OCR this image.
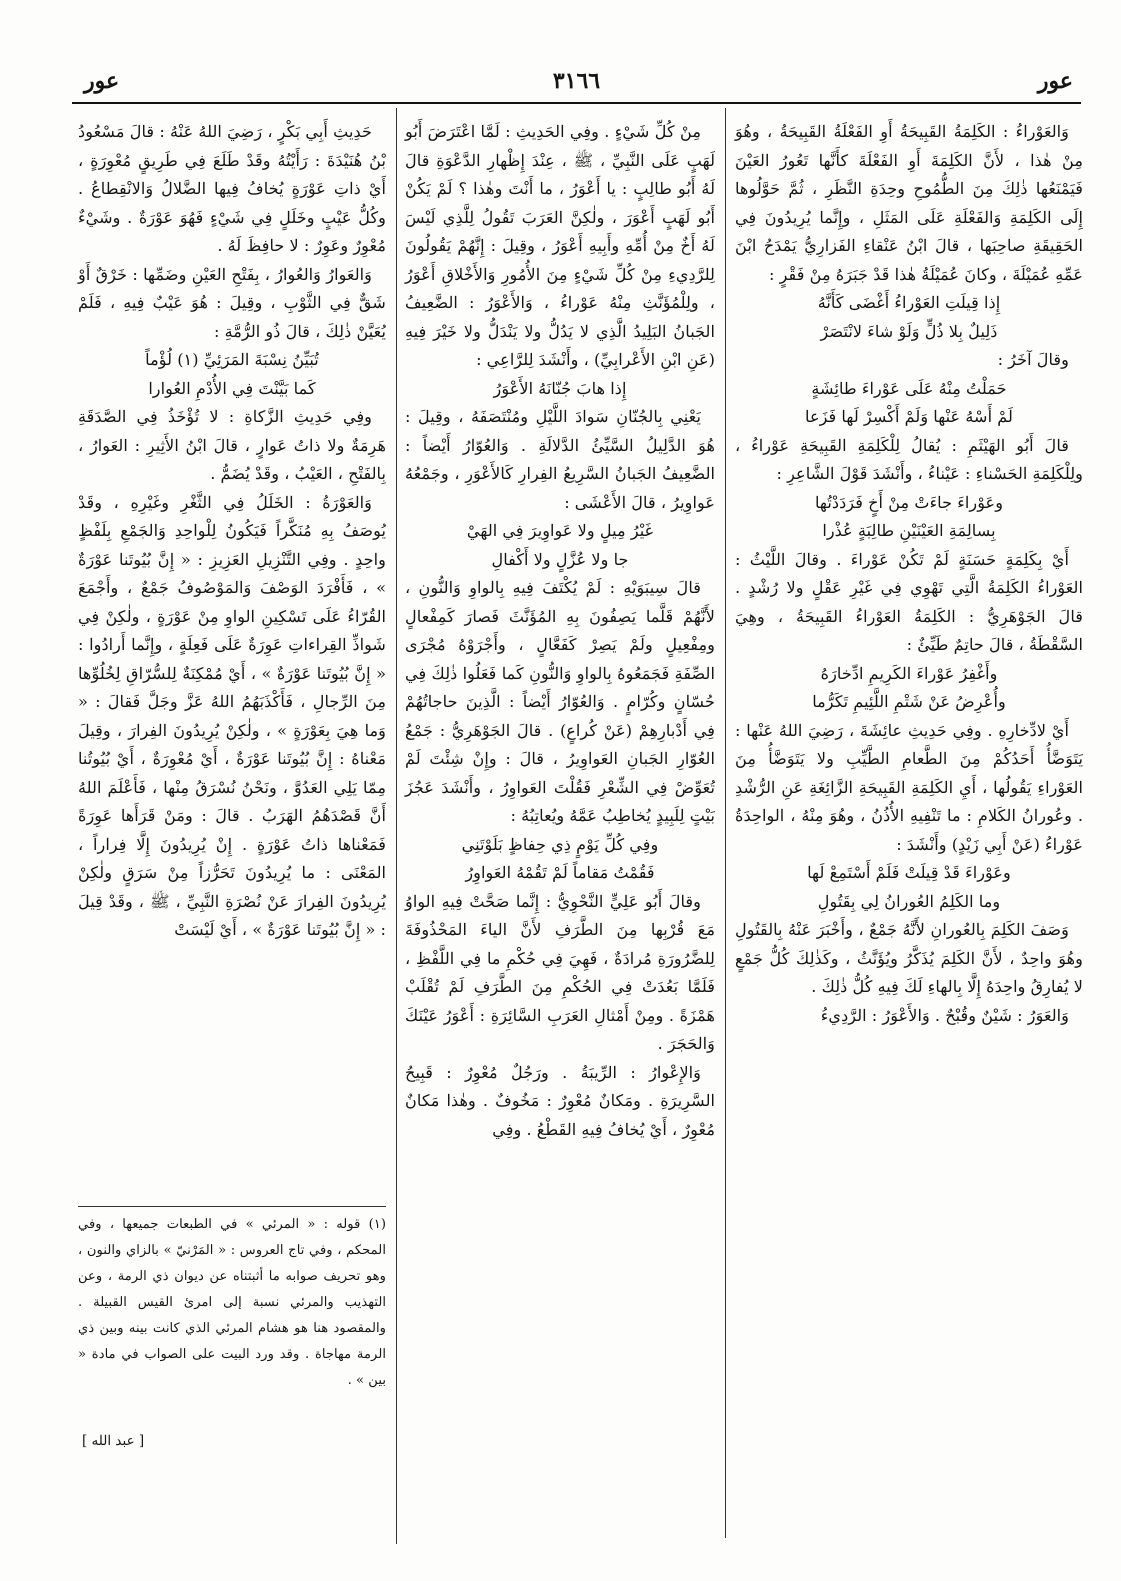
عور	٣١٦٦	عور

وَالعَوْراءُ : الكَلِمَةُ القَبِيحَةُ أَوِ الفَعْلَةُ القَبِيحَةُ ، وهُوَ مِنْ هٰذا ، لأَنَّ الكَلِمَةَ أَوِ الفَعْلَةَ كأَنَّها تَعُورُ العَيْنَ فَيَمْنَعُها ذٰلِكَ مِنَ الطُّمُوحِ وحِدَةِ النَّظَرِ ، ثُمَّ حَوَّلُوها إِلَى الكَلِمَةِ وَالفَعْلَةِ عَلَى المَثَلِ ، وإِنَّما يُرِيدُونَ فِي الحَقِيقَةِ صاحِبَها ، قالَ ابْنُ عَنْقاءِ الفَزارِيُّ يَمْدَحُ ابْنَ عَمِّهِ عُمَيْلَةَ ، وكانَ عُمَيْلَةُ هٰذا قَدْ جَبَرَهُ مِنْ فَقْرٍ :

إِذا قِيلَتِ العَوْراءُ أَغْضَى كَأَنَّهُ

ذَلِيلٌ بِلا ذُلٍّ وَلَوْ شاءَ لانْتَصَرْ

وقالَ آخَرُ :

حَمَلْتُ مِنْهُ عَلَى عَوْراءَ طائِشَةٍ

لَمْ أَسْهُ عَنْها وَلَمْ أَكْسِرْ لَها فَزَعا

قالَ أَبُو الهَيْثَمِ : يُقالُ لِلْكَلِمَةِ القَبِيحَةِ عَوْراءُ ، ولِلْكَلِمَةِ الحَسْناءِ : عَيْناءُ ، وأَنْشَدَ قَوْلَ الشَّاعِرِ :

وعَوْراءَ جاءَتْ مِنْ أَخٍ فَرَدَدْتُها

بِسالِمَةِ العَيْنَيْنِ طالِبَةٍ عُذْرا

أَيْ بِكَلِمَةٍ حَسَنَةٍ لَمْ تَكُنْ عَوْراءَ . وقالَ اللَّيْثُ : العَوْراءُ الكَلِمَةُ الَّتِي تَهْوِي فِي غَيْرِ عَقْلٍ ولا رُشْدٍ . قالَ الجَوْهَرِيُّ : الكَلِمَةُ العَوْراءُ القَبِيحَةُ ، وهِيَ السَّقْطَةُ ، قالَ حاتِمٌ طَيِّئٌ :

وأَغْفِرُ عَوْراءَ الكَرِيمِ ادِّخارَهُ

وأُعْرِضُ عَنْ شَتْمِ اللَّئِيمِ تَكَرُّما

أَيْ لادِّخارِهِ . وفِي حَدِيثِ عائِشَةَ ، رَضِيَ اللهُ عَنْها : يَتَوَضَّأُ أَحَدُكُمْ مِنَ الطَّعامِ الطَّيِّبِ ولا يَتَوَضَّأُ مِنَ العَوْراءِ يَقُولُها ، أَيِ الكَلِمَةِ القَبِيحَةِ الزَّائِغَةِ عَنِ الرُّشْدِ . وعُورانُ الكَلامِ : ما تَنْفِيهِ الأُذُنُ ، وهُوَ مِنْهُ ، الواحِدَةُ عَوْراءُ (عَنْ أَبِي زَيْدٍ) وأَنْشَدَ :

وعَوْراءَ قَدْ قِيلَتْ فَلَمْ أَسْتَمِعْ لَها

وما الكَلِمُ العُورانُ لِي بِقَتُولِ

وَصَفَ الكَلِمَ بِالعُورانِ لأَنَّهُ جَمْعٌ ، وأَخْبَرَ عَنْهُ بِالقَتُولِ وهُوَ واحِدٌ ، لأَنَّ الكَلِمَ يُذَكَّرُ ويُؤَنَّثُ ، وكَذٰلِكَ كُلُّ جَمْعٍ لا يُفارِقُ واحِدَهُ إِلَّا بِالهاءِ لَكَ فِيهِ كُلُّ ذٰلِكَ .

وَالعَوَرُ : شَيْنٌ وقُبْحٌ . وَالأَعْوَرُ : الرَّدِيءُ

مِنْ كُلِّ شَيْءٍ . وفِي الحَدِيثِ : لَمَّا اعْتَرَضَ أَبُو لَهَبٍ عَلَى النَّبِيِّ ، ﷺ ، عِنْدَ إِظْهارِ الدَّعْوَةِ قالَ لَهُ أَبُو طالِبٍ : يا أَعْوَرُ ، ما أَنْتَ وهٰذا ؟ لَمْ يَكُنْ أَبُو لَهَبٍ أَعْوَرَ ، ولٰكِنَّ العَرَبَ تَقُولُ لِلَّذِي لَيْسَ لَهُ أَخٌ مِنْ أُمِّهِ وأَبِيهِ أَعْوَرُ ، وقِيلَ : إِنَّهُمْ يَقُولُونَ لِلرَّدِيءِ مِنْ كُلِّ شَيْءٍ مِنَ الأُمُورِ وَالأَخْلاقِ أَعْوَرُ ، ولِلْمُؤَنَّثِ مِنْهُ عَوْراءُ ، وَالأَعْوَرُ : الضَّعِيفُ الجَبانُ البَلِيدُ الَّذِي لا يَدُلُّ ولا يَنْدَلُّ ولا خَيْرَ فِيهِ (عَنِ ابْنِ الأَعْرابِيِّ) ، وأَنْشَدَ لِلرَّاعِي :

إِذا هابَ جُنّانَهُ الأَعْوَرُ

يَعْنِي بِالجُنّانِ سَوادَ اللَّيْلِ ومُنْتَصَفَهُ ، وقِيلَ : هُوَ الدَّلِيلُ السَّيِّئُ الدَّلالَةِ . وَالعُوّارُ أَيْضاً : الضَّعِيفُ الجَبانُ السَّرِيعُ الفِرارِ كَالأَعْوَرِ ، وجَمْعُهُ عَواوِيرُ ، قالَ الأَعْشَى :

غَيْرُ مِيلٍ ولا عَواوِيرَ فِي الهَيْ

جا ولا عُزَّلٍ ولا أَكْفالِ

قالَ سِيبَوَيْهِ : لَمْ يُكْتَفَ فِيهِ بِالواوِ وَالنُّونِ ، لأَنَّهُمْ قَلَّما يَصِفُونَ بِهِ المُؤَنَّثَ فَصارَ كَمِفْعالٍ ومِفْعِيلٍ ولَمْ يَصِرْ كَفَعَّالٍ ، وأَجْرَوْهُ مُجْرَى الصِّفَةِ فَجَمَعُوهُ بِالواوِ وَالنُّونِ كَما فَعَلُوا ذٰلِكَ فِي حُسّانٍ وكُرّامٍ . وَالعُوّارُ أَيْضاً : الَّذِينَ حاجاتُهُمْ فِي أَدْبارِهِمْ (عَنْ كُراعٍ) . قالَ الجَوْهَرِيُّ : جَمْعُ العُوّارِ الجَبانِ العَواوِيرُ ، قالَ : وإِنْ شِئْتَ لَمْ تُعَوِّضْ فِي الشِّعْرِ فَقُلْتَ العَواوِرُ ، وأَنْشَدَ عَجُزَ بَيْتٍ لِلَبِيدٍ يُخاطِبُ عَمَّهُ ويُعاتِبُهُ :

وفِي كُلِّ يَوْمٍ ذِي حِفاظٍ بَلَوْتَنِي

فَقُمْتُ مَقاماً لَمْ تَقُمْهُ العَواوِرُ

وقالَ أَبُو عَلِيٍّ النَّحْوِيُّ : إِنَّما صَحَّتْ فِيهِ الواوُ مَعَ قُرْبِها مِنَ الطَّرَفِ لأَنَّ الياءَ المَحْذُوفَةَ لِلضَّرُورَةِ مُرادَةٌ ، فَهِيَ فِي حُكْمِ ما فِي اللَّفْظِ ، فَلَمَّا بَعُدَتْ فِي الحُكْمِ مِنَ الطَّرَفِ لَمْ تُقْلَبْ هَمْزَةً . ومِنْ أَمْثالِ العَرَبِ السَّائِرَةِ : أَعْوَرُ عَيْنَكَ وَالحَجَرَ .

وَالإِعْوارُ : الرِّيبَةُ . ورَجُلٌ مُعْوِرٌ : قَبِيحُ السَّرِيرَةِ . ومَكانٌ مُعْوِرٌ : مَخُوفٌ . وهٰذا مَكانٌ مُعْوِرٌ ، أَيْ يُخافُ فِيهِ القَطْعُ . وفِي

حَدِيثِ أَبِي بَكْرٍ ، رَضِيَ اللهُ عَنْهُ : قالَ مَسْعُودُ بْنُ هُنَيْدَةَ : رَأَيْتُهُ وقَدْ طَلَعَ فِي طَرِيقٍ مُعْوِرَةٍ ، أَيْ ذاتِ عَوْرَةٍ يُخافُ فِيها الضَّلالُ وَالانْقِطاعُ . وكُلُّ عَيْبٍ وخَلَلٍ فِي شَيْءٍ فَهُوَ عَوْرَةٌ . وشَيْءٌ مُعْوِرٌ وعَوِرٌ : لا حافِظَ لَهُ .

وَالعَوارُ وَالعُوارُ ، بِفَتْحِ العَيْنِ وضَمِّها : خَرْقٌ أَوْ شَقٌّ فِي الثَّوْبِ ، وقِيلَ : هُوَ عَيْبٌ فِيهِ ، فَلَمْ يُعَيَّنْ ذٰلِكَ ، قالَ ذُو الرُّمَّةِ :

تُبَيِّنُ نِسْبَةَ المَرَئِيِّ (١) لُؤْماً

كَما بَيَّنْتَ فِي الأُدْمِ العُوارا

وفِي حَدِيثِ الزَّكاةِ : لا تُؤْخَذُ فِي الصَّدَقَةِ هَرِمَةٌ ولا ذاتُ عَوارٍ ، قالَ ابْنُ الأَثِيرِ : العَوارُ ، بِالفَتْحِ ، العَيْبُ ، وقَدْ يُضَمُّ .

وَالعَوْرَةُ : الخَلَلُ فِي الثَّغْرِ وغَيْرِهِ ، وقَدْ يُوصَفُ بِهِ مُنَكَّراً فَيَكُونُ لِلْواحِدِ وَالجَمْعِ بِلَفْظٍ واحِدٍ . وفِي التَّنْزِيلِ العَزِيزِ : « إِنَّ بُيُوتَنا عَوْرَةٌ » ، فَأَفْرَدَ الوَصْفَ وَالمَوْصُوفُ جَمْعٌ ، وأَجْمَعَ القُرّاءُ عَلَى تَسْكِينِ الواوِ مِنْ عَوْرَةٍ ، ولٰكِنْ فِي شَواذِّ القِراءاتِ عَوِرَةٌ عَلَى فَعِلَةٍ ، وإِنَّما أَرادُوا : « إِنَّ بُيُوتَنا عَوْرَةٌ » ، أَيْ مُمْكِنَةٌ لِلسُّرّاقِ لِخُلُوِّها مِنَ الرِّجالِ ، فَأَكْذَبَهُمُ اللهُ عَزَّ وجَلَّ فَقالَ : « وَما هِيَ بِعَوْرَةٍ » ، ولٰكِنْ يُرِيدُونَ الفِرارَ ، وقِيلَ مَعْناهُ : إِنَّ بُيُوتَنا عَوْرَةٌ ، أَيْ مُعْوِرَةٌ ، أَيْ بُيُوتُنا مِمّا يَلِي العَدُوَّ ، ونَحْنُ نُسْرَقُ مِنْها ، فَأَعْلَمَ اللهُ أَنَّ قَصْدَهُمُ الهَرَبُ . قالَ : ومَنْ قَرَأَها عَوِرَةً فَمَعْناها ذاتُ عَوْرَةٍ . إِنْ يُرِيدُونَ إِلَّا فِراراً ، المَعْنَى : ما يُرِيدُونَ تَحَرُّزاً مِنْ سَرَقٍ ولٰكِنْ يُرِيدُونَ الفِرارَ عَنْ نُصْرَةِ النَّبِيِّ ، ﷺ ، وقَدْ قِيلَ : « إِنَّ بُيُوتَنا عَوْرَةٌ » ، أَيْ لَيْسَتْ

(١) قوله : « المرئي » في الطبعات جميعها ، وفي المحكم ، وفي تاج العروس : « المَرْنيّ » بالزاي والنون ، وهو تحريف صوابه ما أثبتناه عن ديوان ذي الرمة ، وعن التهذيب والمرئي نسبة إلى امرئ القيس القبيلة . والمقصود هنا هو هشام المرئي الذي كانت بينه وبين ذي الرمة مهاجاة . وقد ورد البيت على الصواب في مادة « بين » .

[ عبد الله ]
